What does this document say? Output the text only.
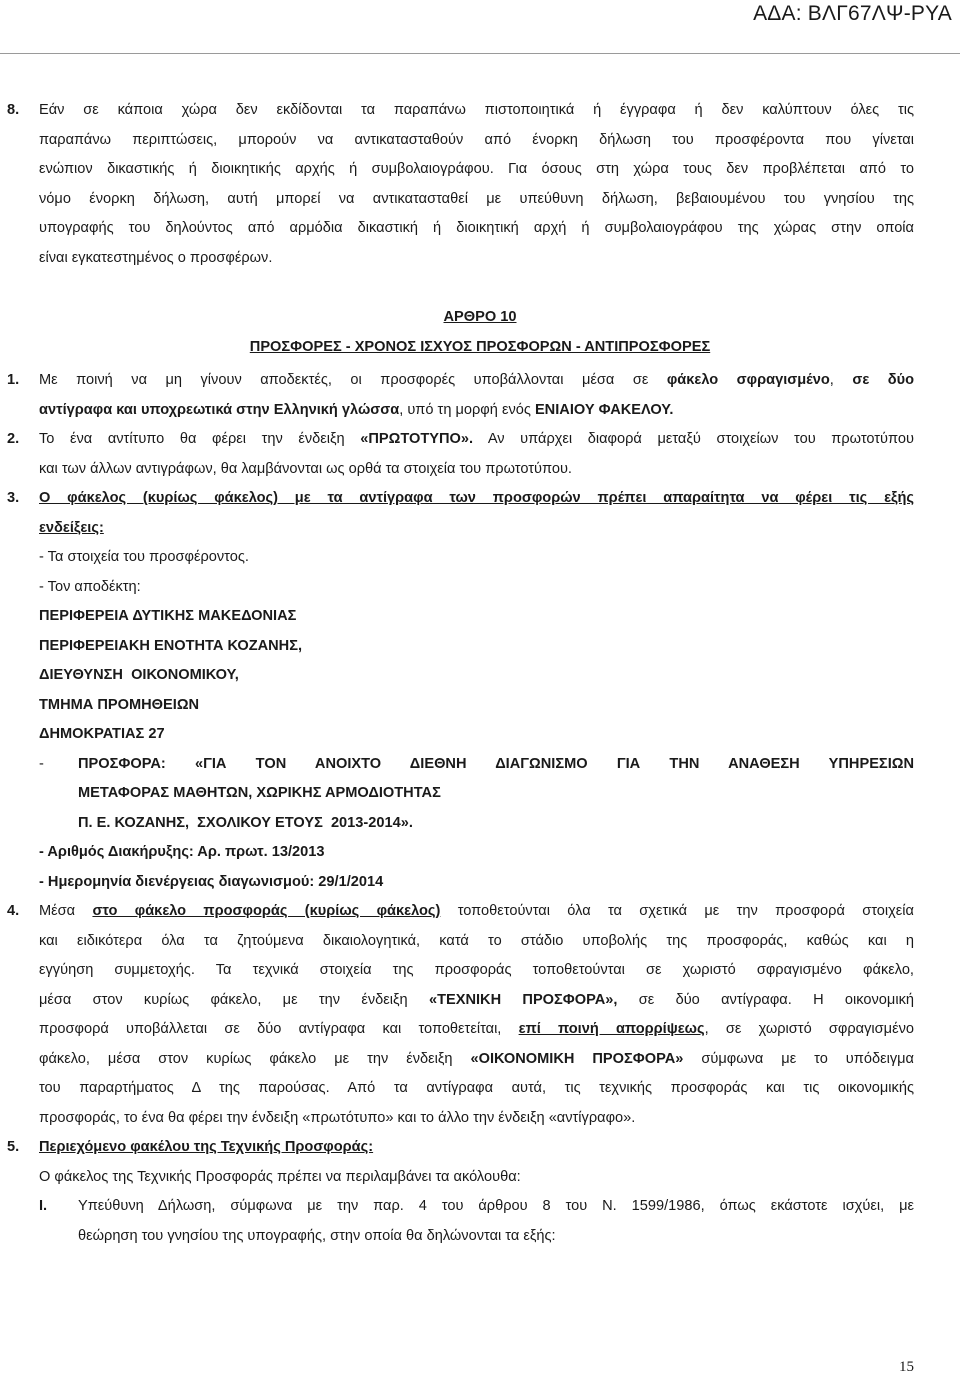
ΑΔΑ: ΒΛΓ67ΛΨ-ΡΥΑ
8. Εάν σε κάποια χώρα δεν εκδίδονται τα παραπάνω πιστοποιητικά ή έγγραφα ή δεν καλύπτουν όλες τις
παραπάνω περιπτώσεις, μπορούν να αντικατασταθούν από ένορκη δήλωση του προσφέροντα που γίνεται
ενώπιον δικαστικής ή διοικητικής αρχής ή συμβολαιογράφου. Για όσους στη χώρα τους δεν προβλέπεται από το
νόμο ένορκη δήλωση, αυτή μπορεί να αντικατασταθεί με υπεύθυνη δήλωση, βεβαιουμένου του γνησίου της
υπογραφής του δηλούντος από αρμόδια δικαστική ή διοικητική αρχή ή συμβολαιογράφου της χώρας στην οποία
είναι εγκατεστημένος ο προσφέρων.
ΑΡΘΡΟ 10
ΠΡΟΣΦΟΡΕΣ - ΧΡΟΝΟΣ ΙΣΧΥΟΣ ΠΡΟΣΦΟΡΩΝ - ΑΝΤΙΠΡΟΣΦΟΡΕΣ
1. Με ποινή να μη γίνουν αποδεκτές, οι προσφορές υποβάλλονται μέσα σε φάκελο σφραγισμένο, σε δύο
αντίγραφα και υποχρεωτικά στην Ελληνική γλώσσα, υπό τη μορφή ενός ΕΝΙΑΙΟΥ ΦΑΚΕΛΟΥ.
2. Το ένα αντίτυπο θα φέρει την ένδειξη «ΠΡΩΤΟΤΥΠΟ». Αν υπάρχει διαφορά μεταξύ στοιχείων του πρωτοτύπου
και των άλλων αντιγράφων, θα λαμβάνονται ως ορθά τα στοιχεία του πρωτοτύπου.
3. Ο φάκελος (κυρίως φάκελος) με τα αντίγραφα των προσφορών πρέπει απαραίτητα να φέρει τις εξής
ενδείξεις:
- Τα στοιχεία του προσφέροντος.
- Τον αποδέκτη:
ΠΕΡΙΦΕΡΕΙΑ ΔΥΤΙΚΗΣ ΜΑΚΕΔΟΝΙΑΣ
ΠΕΡΙΦΕΡΕΙΑΚΗ ΕΝΟΤΗΤΑ ΚΟΖΑΝΗΣ,
ΔΙΕΥΘΥΝΣΗ  ΟΙΚΟΝΟΜΙΚΟΥ,
ΤΜΗΜΑ ΠΡΟΜΗΘΕΙΩΝ
ΔΗΜΟΚΡΑΤΙΑΣ 27
- ΠΡΟΣΦΟΡΑ: «ΓΙΑ ΤΟΝ ΑΝΟΙΧΤΟ ΔΙΕΘΝΗ ΔΙΑΓΩΝΙΣΜΟ ΓΙΑ ΤΗΝ ΑΝΑΘΕΣΗ ΥΠΗΡΕΣΙΩΝ
ΜΕΤΑΦΟΡΑΣ ΜΑΘΗΤΩΝ, ΧΩΡΙΚΗΣ ΑΡΜΟΔΙΟΤΗΤΑΣ
Π. Ε. ΚΟΖΑΝΗΣ,  ΣΧΟΛΙΚΟΥ ΕΤΟΥΣ  2013-2014».
- Αριθμός Διακήρυξης: Αρ. πρωτ. 13/2013
- Ημερομηνία διενέργειας διαγωνισμού: 29/1/2014
4. Μέσα στο φάκελο προσφοράς (κυρίως φάκελος) τοποθετούνται όλα τα σχετικά με την προσφορά στοιχεία
και ειδικότερα όλα τα ζητούμενα δικαιολογητικά, κατά το στάδιο υποβολής της προσφοράς, καθώς και η
εγγύηση συμμετοχής. Τα τεχνικά στοιχεία της προσφοράς τοποθετούνται σε χωριστό σφραγισμένο φάκελο,
μέσα στον κυρίως φάκελο, με την ένδειξη «ΤΕΧΝΙΚΗ ΠΡΟΣΦΟΡΑ», σε δύο αντίγραφα. Η οικονομική
προσφορά υποβάλλεται σε δύο αντίγραφα και τοποθετείται, επί ποινή απορρίψεως, σε χωριστό σφραγισμένο
φάκελο, μέσα στον κυρίως φάκελο με την ένδειξη «ΟΙΚΟΝΟΜΙΚΗ ΠΡΟΣΦΟΡΑ» σύμφωνα με το υπόδειγμα
του παραρτήματος Δ της παρούσας. Από τα αντίγραφα αυτά, τις τεχνικής προσφοράς και τις οικονομικής
προσφοράς, το ένα θα φέρει την ένδειξη «πρωτότυπο» και το άλλο την ένδειξη «αντίγραφο».
5. Περιεχόμενο φακέλου της Τεχνικής Προσφοράς:
Ο φάκελος της Τεχνικής Προσφοράς πρέπει να περιλαμβάνει τα ακόλουθα:
I. Υπεύθυνη Δήλωση, σύμφωνα με την παρ. 4 του άρθρου 8 του Ν. 1599/1986, όπως εκάστοτε ισχύει, με
θεώρηση του γνησίου της υπογραφής, στην οποία θα δηλώνονται τα εξής:
15
